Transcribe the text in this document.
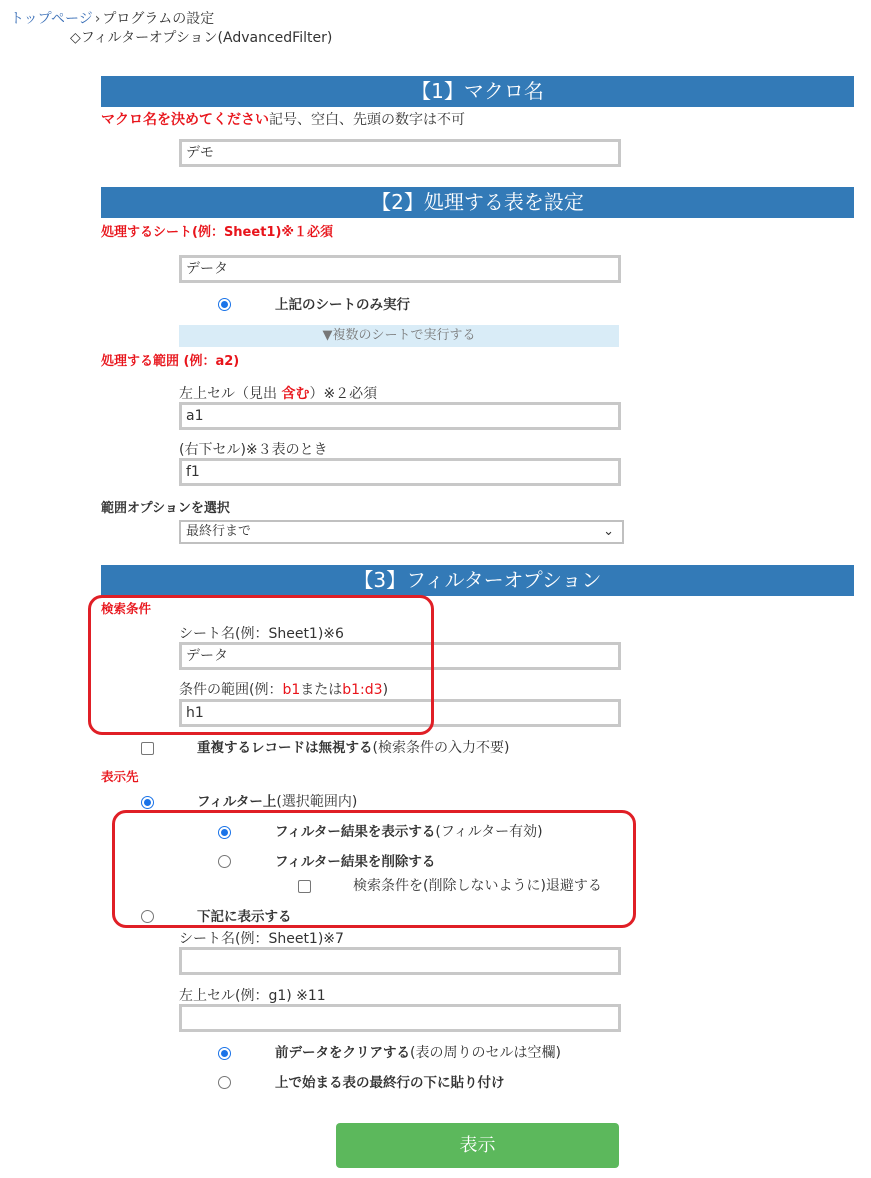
トップページ › プログラムの設定
◇フィルターオプション(AdvancedFilter)
【1】マクロ名
マクロ名を決めてください記号、空白、先頭の数字は不可
デモ
【2】処理する表を設定
処理するシート(例：Sheet1)※１必須
データ
上記のシートのみ実行
▼複数のシートで実行する
処理する範囲 (例：a2)
左上セル（見出 含む）※２必須
a1
(右下セル)※３表のとき
f1
範囲オプションを選択
最終行まで	⌄
【3】フィルターオプション
検索条件
シート名(例：Sheet1)※6
データ
条件の範囲(例：b1またはb1:d3)
h1
重複するレコードは無視する(検索条件の入力不要)
表示先
フィルター上(選択範囲内)
フィルター結果を表示する(フィルター有効)
フィルター結果を削除する
検索条件を(削除しないように)退避する
下記に表示する
シート名(例：Sheet1)※7
左上セル(例：g1) ※11
前データをクリアする(表の周りのセルは空欄)
上で始まる表の最終行の下に貼り付け
表示
